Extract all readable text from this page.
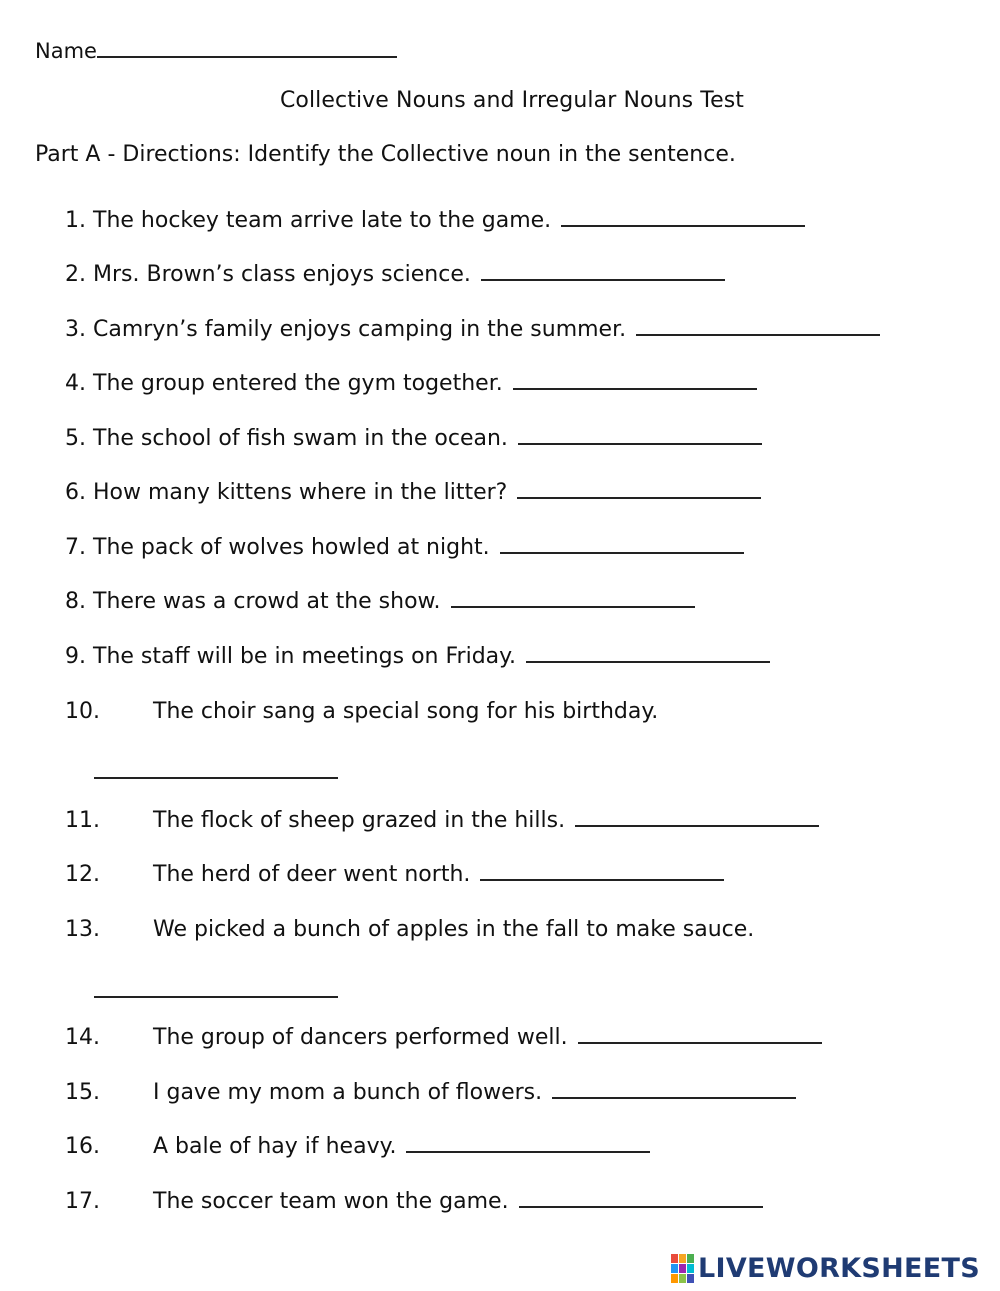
Name
Collective Nouns and Irregular Nouns Test
Part A - Directions: Identify the Collective noun in the sentence.
1. The hockey team arrive late to the game.
2. Mrs. Brown’s class enjoys science.
3. Camryn’s family enjoys camping in the summer.
4. The group entered the gym together.
5. The school of fish swam in the ocean.
6. How many kittens where in the litter?
7. The pack of wolves howled at night.
8. There was a crowd at the show.
9. The staff will be in meetings on Friday.
10. The choir sang a special song for his birthday.
11. The flock of sheep grazed in the hills.
12. The herd of deer went north.
13. We picked a bunch of apples in the fall to make sauce.
14. The group of dancers performed well.
15. I gave my mom a bunch of flowers.
16. A bale of hay if heavy.
17. The soccer team won the game.
LIVEWORKSHEETS
